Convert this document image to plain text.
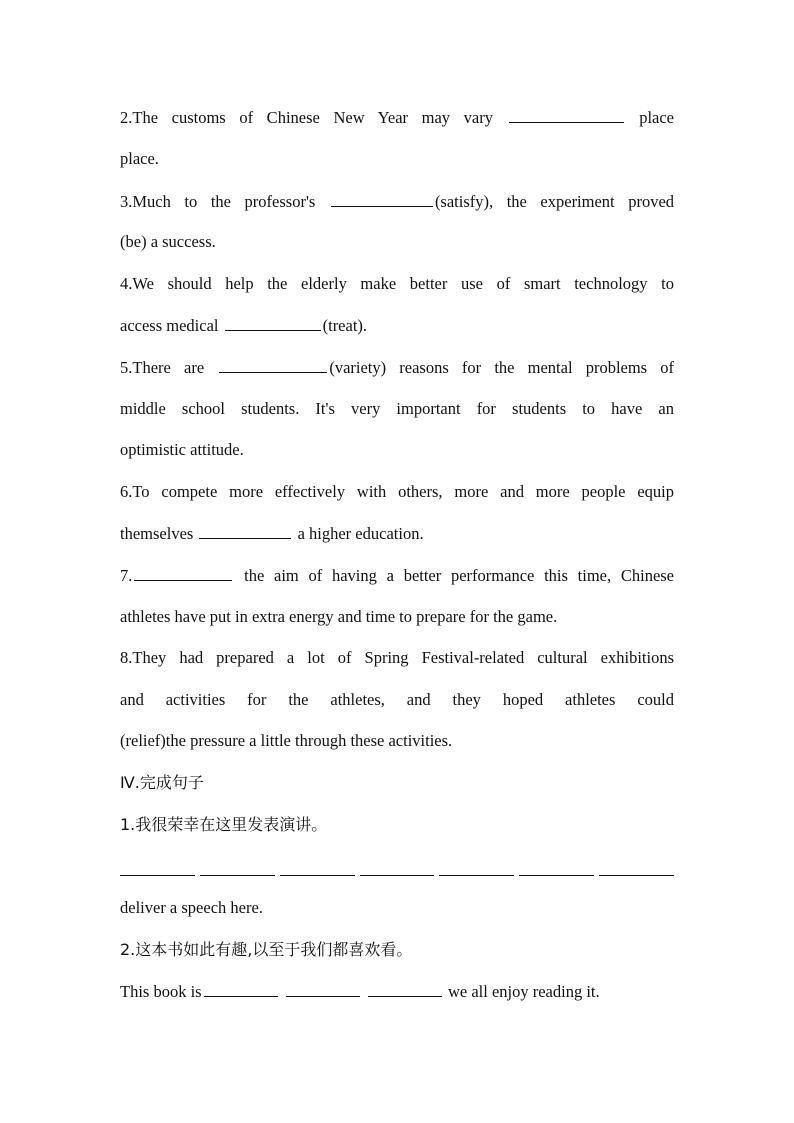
2.The customs of Chinese New Year may vary	place
place.
3.Much to the professor's	(satisfy), the experiment proved
(be) a success.
4.We should help the elderly make better use of smart technology to
access medical	(treat).
5.There are	(variety) reasons for the mental problems of
middle school students. It's very important for students to have an
optimistic attitude.
6.To compete more effectively with others, more and more people equip
themselves	a higher education.
7.	the aim of having a better performance this time, Chinese
athletes have put in extra energy and time to prepare for the game.
8.They had prepared a lot of Spring Festival-related cultural exhibitions
and activities for the athletes, and they hoped athletes could
(relief)the pressure a little through these activities.
Ⅳ.完成句子
1.我很荣幸在这里发表演讲。
deliver a speech here.
2.这本书如此有趣,以至于我们都喜欢看。
This book is	we all enjoy reading it.
